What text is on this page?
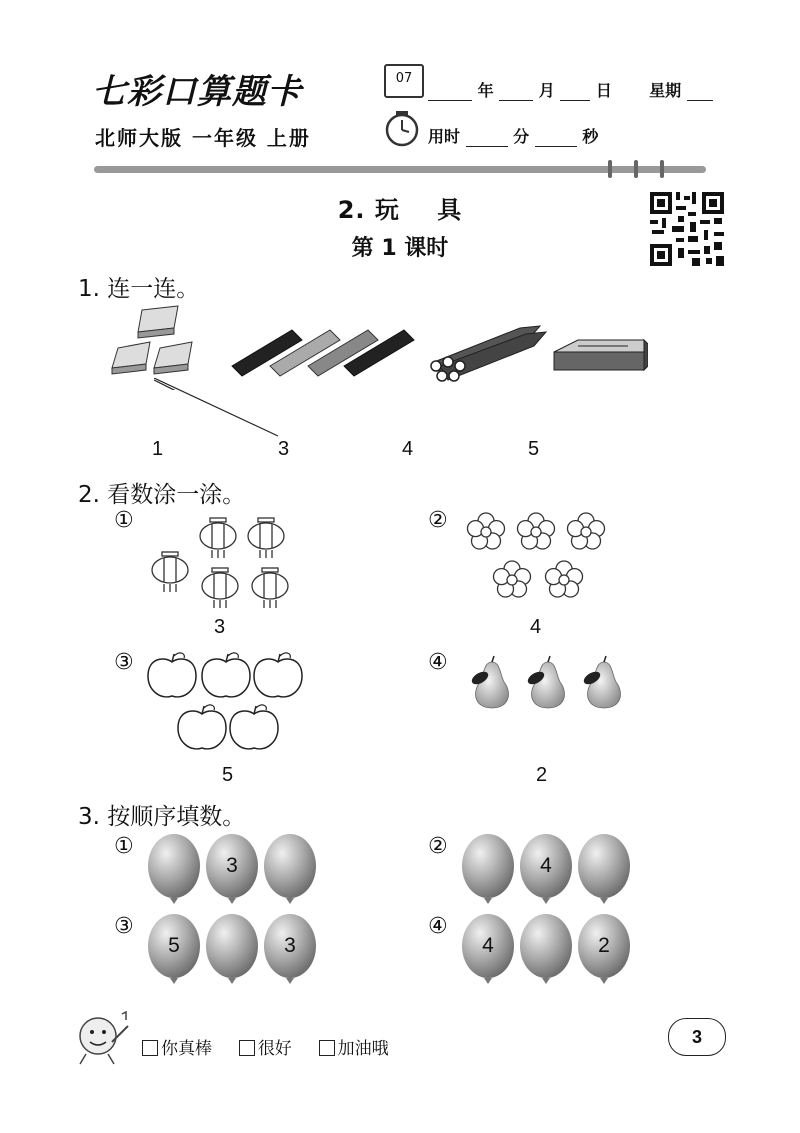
七彩口算题卡
北师大版 一年级 上册
07
年	月	日 星期
用时	分	秒
2. 玩    具
第 1 课时
1. 连一连。
1	3	4	5
2. 看数涂一涂。
①
3
②
4
③
5
④
2
3. 按顺序填数。
①
3
②
4
③
5	3
④
4	2
你真棒	很好	加油哦
3
